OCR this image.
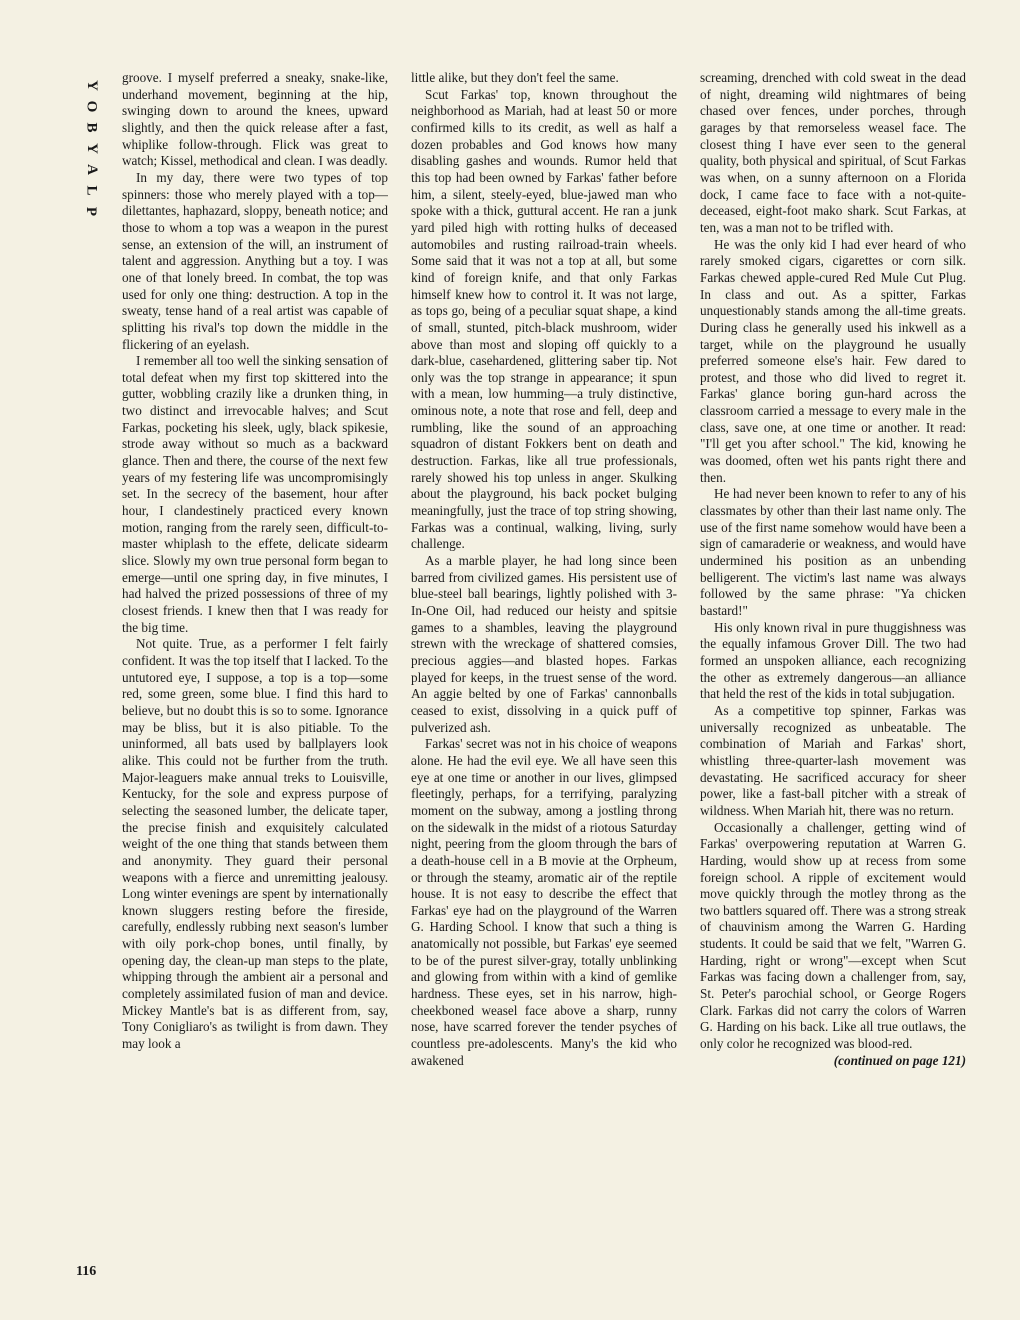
Y
O
B
Y
A
L
P
116

groove. I myself preferred a sneaky, snake-like, underhand movement, beginning at the hip, swinging down to around the knees, upward slightly, and then the quick release after a fast, whiplike follow-through. Flick was great to watch; Kissel, methodical and clean. I was deadly.

In my day, there were two types of top spinners: those who merely played with a top—dilettantes, haphazard, sloppy, beneath notice; and those to whom a top was a weapon in the purest sense, an extension of the will, an instrument of talent and aggression. Anything but a toy. I was one of that lonely breed. In combat, the top was used for only one thing: destruction. A top in the sweaty, tense hand of a real artist was capable of splitting his rival's top down the middle in the flickering of an eyelash.

I remember all too well the sinking sensation of total defeat when my first top skittered into the gutter, wobbling crazily like a drunken thing, in two distinct and irrevocable halves; and Scut Farkas, pocketing his sleek, ugly, black spikesie, strode away without so much as a backward glance. Then and there, the course of the next few years of my festering life was uncompromisingly set. In the secrecy of the basement, hour after hour, I clandestinely practiced every known motion, ranging from the rarely seen, difficult-to-master whiplash to the effete, delicate sidearm slice. Slowly my own true personal form began to emerge—until one spring day, in five minutes, I had halved the prized possessions of three of my closest friends. I knew then that I was ready for the big time.

Not quite. True, as a performer I felt fairly confident. It was the top itself that I lacked. To the untutored eye, I suppose, a top is a top—some red, some green, some blue. I find this hard to believe, but no doubt this is so to some. Ignorance may be bliss, but it is also pitiable. To the uninformed, all bats used by ballplayers look alike. This could not be further from the truth. Major-leaguers make annual treks to Louisville, Kentucky, for the sole and express purpose of selecting the seasoned lumber, the delicate taper, the precise finish and exquisitely calculated weight of the one thing that stands between them and anonymity. They guard their personal weapons with a fierce and unremitting jealousy. Long winter evenings are spent by internationally known sluggers resting before the fireside, carefully, endlessly rubbing next season's lumber with oily pork-chop bones, until finally, by opening day, the clean-up man steps to the plate, whipping through the ambient air a personal and completely assimilated fusion of man and device. Mickey Mantle's bat is as different from, say, Tony Conigliaro's as twilight is from dawn. They may look a

little alike, but they don't feel the same.

Scut Farkas' top, known throughout the neighborhood as Mariah, had at least 50 or more confirmed kills to its credit, as well as half a dozen probables and God knows how many disabling gashes and wounds. Rumor held that this top had been owned by Farkas' father before him, a silent, steely-eyed, blue-jawed man who spoke with a thick, guttural accent. He ran a junk yard piled high with rotting hulks of deceased automobiles and rusting railroad-train wheels. Some said that it was not a top at all, but some kind of foreign knife, and that only Farkas himself knew how to control it. It was not large, as tops go, being of a peculiar squat shape, a kind of small, stunted, pitch-black mushroom, wider above than most and sloping off quickly to a dark-blue, casehardened, glittering saber tip. Not only was the top strange in appearance; it spun with a mean, low humming—a truly distinctive, ominous note, a note that rose and fell, deep and rumbling, like the sound of an approaching squadron of distant Fokkers bent on death and destruction. Farkas, like all true professionals, rarely showed his top unless in anger. Skulking about the playground, his back pocket bulging meaningfully, just the trace of top string showing, Farkas was a continual, walking, living, surly challenge.

As a marble player, he had long since been barred from civilized games. His persistent use of blue-steel ball bearings, lightly polished with 3-In-One Oil, had reduced our heisty and spitsie games to a shambles, leaving the playground strewn with the wreckage of shattered comsies, precious aggies—and blasted hopes. Farkas played for keeps, in the truest sense of the word. An aggie belted by one of Farkas' cannonballs ceased to exist, dissolving in a quick puff of pulverized ash.

Farkas' secret was not in his choice of weapons alone. He had the evil eye. We all have seen this eye at one time or another in our lives, glimpsed fleetingly, perhaps, for a terrifying, paralyzing moment on the subway, among a jostling throng on the sidewalk in the midst of a riotous Saturday night, peering from the gloom through the bars of a death-house cell in a B movie at the Orpheum, or through the steamy, aromatic air of the reptile house. It is not easy to describe the effect that Farkas' eye had on the playground of the Warren G. Harding School. I know that such a thing is anatomically not possible, but Farkas' eye seemed to be of the purest silver-gray, totally unblinking and glowing from within with a kind of gemlike hardness. These eyes, set in his narrow, high-cheekboned weasel face above a sharp, runny nose, have scarred forever the tender psyches of countless pre-adolescents. Many's the kid who awakened

screaming, drenched with cold sweat in the dead of night, dreaming wild nightmares of being chased over fences, under porches, through garages by that remorseless weasel face. The closest thing I have ever seen to the general quality, both physical and spiritual, of Scut Farkas was when, on a sunny afternoon on a Florida dock, I came face to face with a not-quite-deceased, eight-foot mako shark. Scut Farkas, at ten, was a man not to be trifled with.

He was the only kid I had ever heard of who rarely smoked cigars, cigarettes or corn silk. Farkas chewed apple-cured Red Mule Cut Plug. In class and out. As a spitter, Farkas unquestionably stands among the all-time greats. During class he generally used his inkwell as a target, while on the playground he usually preferred someone else's hair. Few dared to protest, and those who did lived to regret it. Farkas' glance boring gun-hard across the classroom carried a message to every male in the class, save one, at one time or another. It read: "I'll get you after school." The kid, knowing he was doomed, often wet his pants right there and then.

He had never been known to refer to any of his classmates by other than their last name only. The use of the first name somehow would have been a sign of camaraderie or weakness, and would have undermined his position as an unbending belligerent. The victim's last name was always followed by the same phrase: "Ya chicken bastard!"

His only known rival in pure thuggishness was the equally infamous Grover Dill. The two had formed an unspoken alliance, each recognizing the other as extremely dangerous—an alliance that held the rest of the kids in total subjugation.

As a competitive top spinner, Farkas was universally recognized as unbeatable. The combination of Mariah and Farkas' short, whistling three-quarter-lash movement was devastating. He sacrificed accuracy for sheer power, like a fast-ball pitcher with a streak of wildness. When Mariah hit, there was no return.

Occasionally a challenger, getting wind of Farkas' overpowering reputation at Warren G. Harding, would show up at recess from some foreign school. A ripple of excitement would move quickly through the motley throng as the two battlers squared off. There was a strong streak of chauvinism among the Warren G. Harding students. It could be said that we felt, "Warren G. Harding, right or wrong"—except when Scut Farkas was facing down a challenger from, say, St. Peter's parochial school, or George Rogers Clark. Farkas did not carry the colors of Warren G. Harding on his back. Like all true outlaws, the only color he recognized was blood-red.

(continued on page 121)
